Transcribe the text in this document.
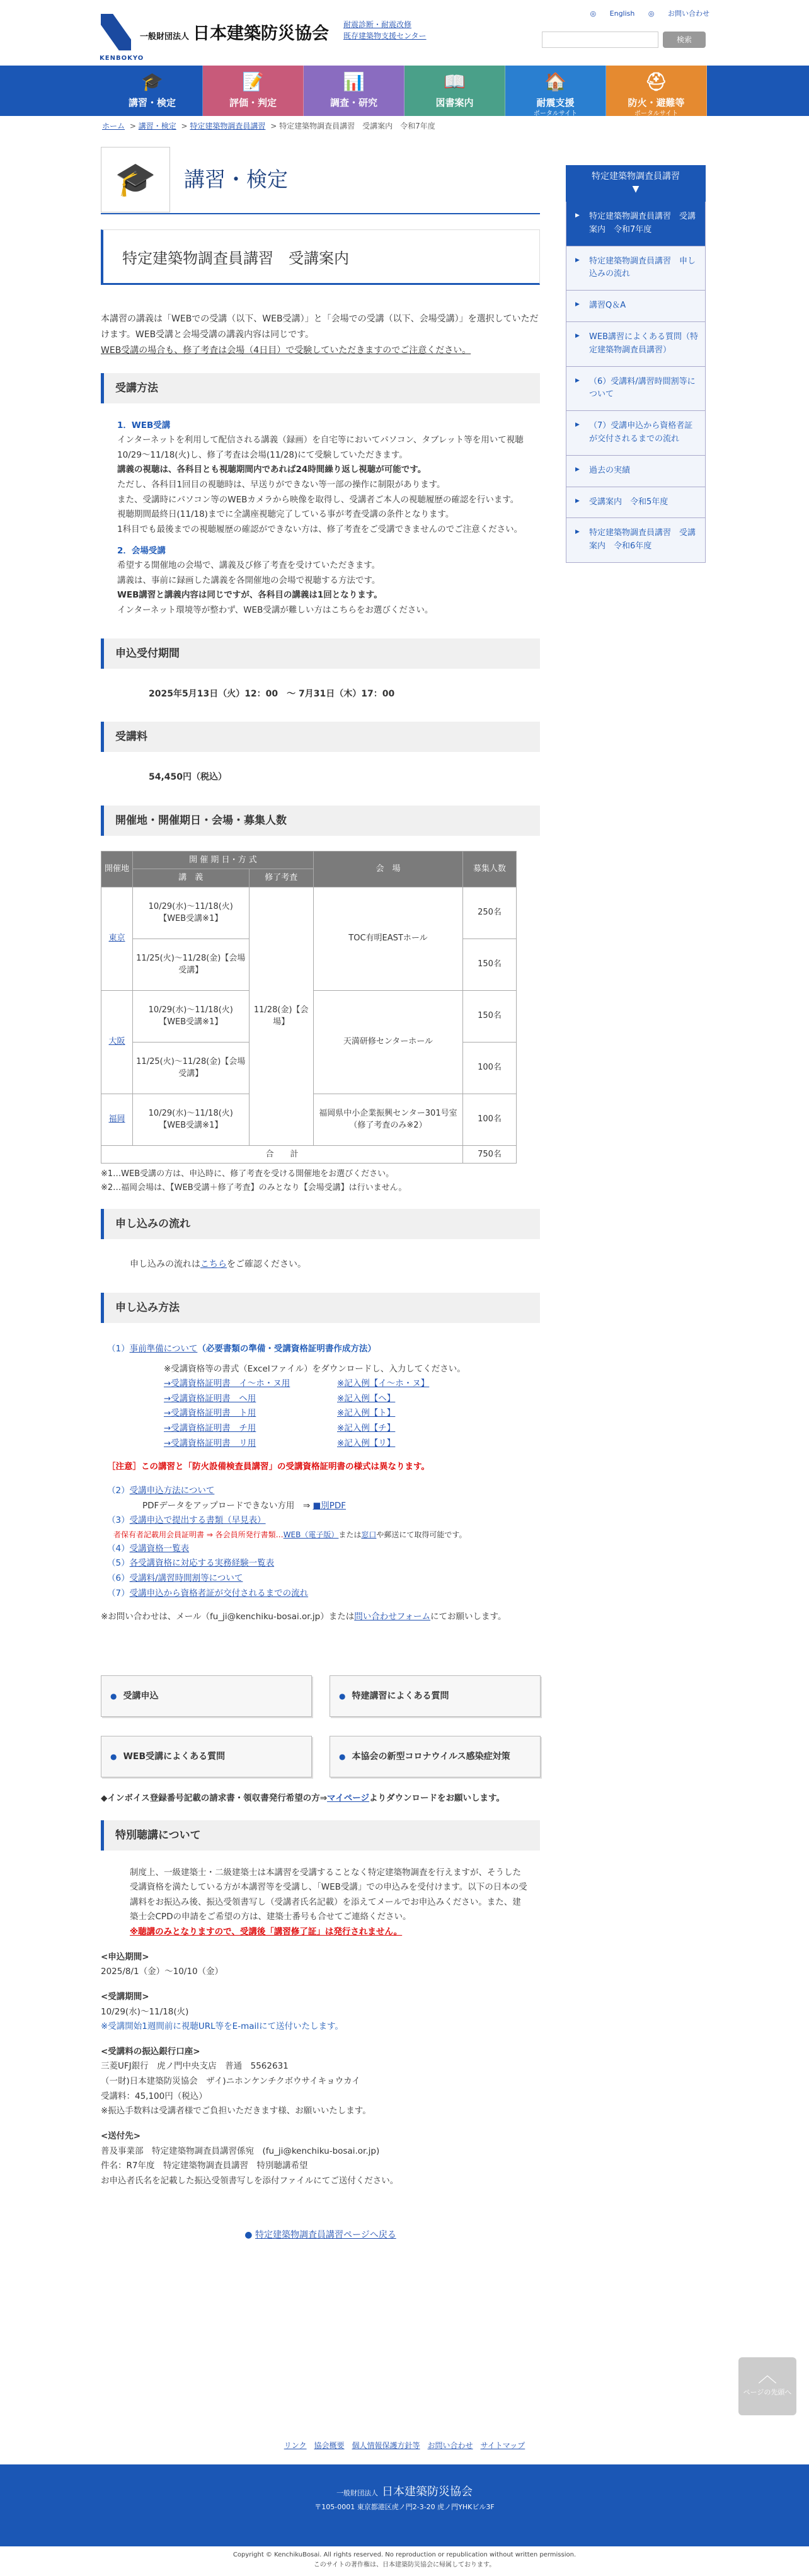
KENBOKYO
一般財団法人 日本建築防災協会 耐震診断・耐震改修
既存建築物支援センター
◎ English ◎ お問い合わせ
検索
🎓
講習・検定
📝
評価・判定
📊
調査・研究
📖
図書案内
🏠
耐震支援
ポータルサイト
⛑
防火・避難等
ポータルサイト
ホーム > 講習・検定 > 特定建築物調査員講習 > 特定建築物調査員講習　受講案内　令和7年度
🎓	講習・検定
特定建築物調査員講習　受講案内

本講習の講義は「WEBでの受講（以下、WEB受講）」と「会場での受講（以下、会場受講）」を選択していただけます。WEB受講と会場受講の講義内容は同じです。

WEB受講の場合も、修了考査は会場（4日目）で受験していただきますのでご注意ください。

受講方法

1．WEB受講

インターネットを利用して配信される講義（録画）を自宅等においてパソコン、タブレット等を用いて視聴10/29〜11/18(火)し、修了考査は会場(11/28)にて受験していただきます。

講義の視聴は、各科目とも視聴期間内であれば24時間繰り返し視聴が可能です。

ただし、各科目1回目の視聴時は、早送りができない等一部の操作に制限があります。

また、受講時にパソコン等のWEBカメラから映像を取得し、受講者ご本人の視聴履歴の確認を行います。

視聴期間最終日(11/18)までに全講座視聴完了している事が考査受講の条件となります。

1科目でも最後までの視聴履歴の確認ができない方は、修了考査をご受講できませんのでご注意ください。

2．会場受講

希望する開催地の会場で、講義及び修了考査を受けていただきます。

講義は、事前に録画した講義を各開催地の会場で視聴する方法です。

WEB講習と講義内容は同じですが、各科目の講義は1回となります。

インターネット環境等が整わず、WEB受講が難しい方はこちらをお選びください。

申込受付期間
2025年5月13日（火）12：00　～ 7月31日（木）17：00
受講料
54,450円（税込）
開催地・開催期日・会場・募集人数
開催地	開 催 期 日・方 式		会　場	募集人数
	講　義	修了考査		
東京	10/29(水)〜11/18(火)【WEB受講※1】	11/28(金)【会場】	TOC有明EASTホール	250名
	11/25(火)〜11/28(金)【会場受講】			150名
大阪	10/29(水)〜11/18(火)【WEB受講※1】		天満研修センターホール	150名
	11/25(火)〜11/28(金)【会場受講】			100名
福岡	10/29(水)〜11/18(火)【WEB受講※1】		福岡県中小企業振興センター301号室（修了考査のみ※2）	100名
合　　計				750名

※1…WEB受講の方は、申込時に、修了考査を受ける開催地をお選びください。

※2…福岡会場は、【WEB受講＋修了考査】のみとなり【会場受講】は行いません。

申し込みの流れ
申し込みの流れはこちらをご確認ください。
申し込み方法

（1）事前準備について（必要書類の準備・受講資格証明書作成方法）

※受講資格等の書式（Excelファイル）をダウンロードし、入力してください。

→受講資格証明書　イ〜ホ・ヌ用	※記入例【イ〜ホ・ヌ】
→受講資格証明書　ヘ用	※記入例【ヘ】
→受講資格証明書　ト用	※記入例【ト】
→受講資格証明書　チ用	※記入例【チ】
→受講資格証明書　リ用	※記入例【リ】

［注意］この講習と「防火設備検査員講習」の受講資格証明書の様式は異なります。

（2）受講申込方法について

PDFデータをアップロードできない方用　⇒ ■別PDF

（3）受講申込で提出する書類（早見表）

者保有者記載用会員証明書 ⇒ 各会員所発行書類…WEB（電子版）または窓口や郵送にて取得可能です。

（4）受講資格一覧表

（5）各受講資格に対応する実務経験一覧表

（6）受講料/講習時間割等について

（7）受講申込から資格者証が交付されるまでの流れ

※お問い合わせは、メール（fu_ji@kenchiku-bosai.or.jp）または問い合わせフォームにてお願いします。

● 受講申込	● 特建講習によくある質問
● WEB受講によくある質問	● 本協会の新型コロナウイルス感染症対策

◆インボイス登録番号記載の請求書・領収書発行希望の方⇒マイページよりダウンロードをお願いします。

特別聴講について

制度上、一級建築士・二級建築士は本講習を受講することなく特定建築物調査を行えますが、そうした受講資格を満たしている方が本講習等を受講し、「WEB受講」での申込みを受付けます。以下の日本の受講料をお振込み後、振込受領書写し（受講者氏名記載）を添えてメールでお申込みください。また、建築士会CPDの申請をご希望の方は、建築士番号も合せてご連絡ください。

※聴講のみとなりますので、受講後「講習修了証」は発行されません。

<申込期間>

2025/8/1（金）〜10/10（金）

<受講期間>

10/29(水)〜11/18(火)

※受講開始1週間前に視聴URL等をE-mailにて送付いたします。

<受講料の振込銀行口座>

三菱UFJ銀行　虎ノ門中央支店　普通　5562631

（一財)日本建築防災協会　ザイ)ニホンケンチクボウサイキョウカイ

受講料：45,100円（税込）

※振込手数料は受講者様でご負担いただきます様、お願いいたします。

<送付先>

普及事業部　特定建築物調査員講習係宛　(fu_ji@kenchiku-bosai.or.jp)

件名：R7年度　特定建築物調査員講習　特別聴講希望

お申込者氏名を記載した振込受領書写しを添付ファイルにてご送付ください。

● 特定建築物調査員講習ページへ戻る

特定建築物調査員講習
▼
▶ 特定建築物調査員講習　受講案内　令和7年度
▶ 特定建築物調査員講習　申し込みの流れ
▶ 講習Q＆A
▶ WEB講習によくある質問（特定建築物調査員講習）
▶ （6）受講料/講習時間割等について
▶ （7）受講申込から資格者証が交付されるまでの流れ
▶ 過去の実績
▶ 受講案内　令和5年度
▶ 特定建築物調査員講習　受講案内　令和6年度
︿
ページの先頭へ
リンク 協会概要 個人情報保護方針等 お問い合わせ サイトマップ
一般財団法人 日本建築防災協会
〒105-0001 東京都港区虎ノ門2-3-20 虎ノ門YHKビル3F
Copyright © KenchikuBosai. All rights reserved. No reproduction or republication without written permission.
このサイトの著作権は、日本建築防災協会に帰属しております。
